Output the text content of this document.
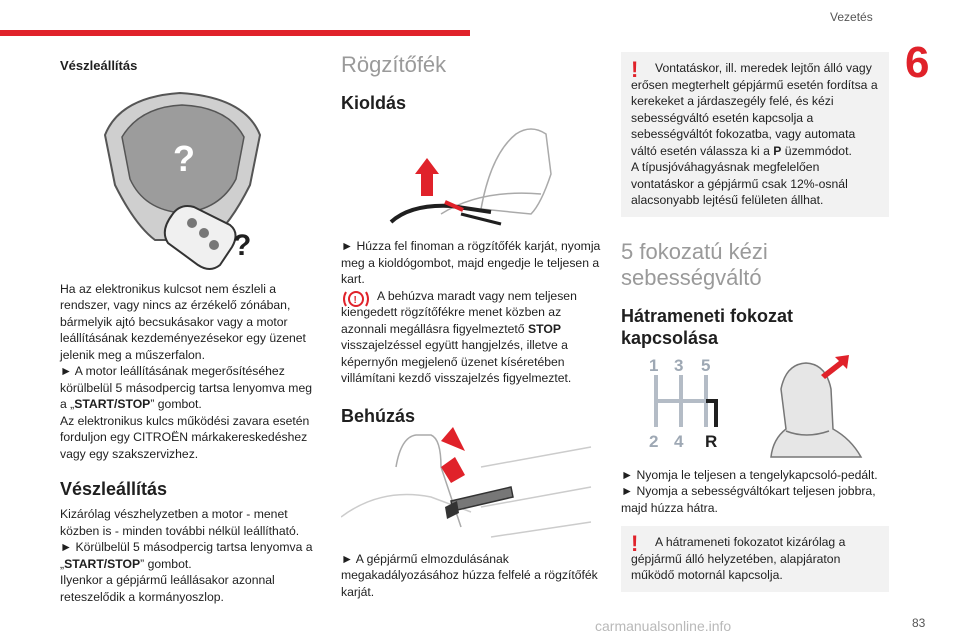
Vezetés
6
Vészleállítás
?
?

Ha az elektronikus kulcsot nem észleli a rendszer, vagy nincs az érzékelő zónában, bármelyik ajtó becsukásakor vagy a motor leállításának kezdeményezésekor egy üzenet jelenik meg a műszerfalon.

► A motor leállításának megerősítéséhez körülbelül 5 másodpercig tartsa lenyomva meg a „START/STOP” gombot.

Az elektronikus kulcs működési zavara esetén forduljon egy CITROËN márkakereskedéshez vagy egy szakszervizhez.

Vészleállítás

Kizárólag vészhelyzetben a motor - menet közben is - minden további nélkül leállítható.

► Körülbelül 5 másodpercig tartsa lenyomva a „START/STOP” gombot.

Ilyenkor a gépjármű leállásakor azonnal reteszelődik a kormányoszlop.

Rögzítőfék
Kioldás

► Húzza fel finoman a rögzítőfék karját, nyomja meg a kioldógombot, majd engedje le teljesen a kart.

!	A behúzva maradt vagy nem teljesen kiengedett rögzítőfékre menet közben az azonnali megállásra figyelmeztető STOP visszajelzéssel együtt hangjelzés, illetve a képernyőn megjelenő üzenet kíséretében villámítani kezdő visszajelzés figyelmeztet.

Behúzás

► A gépjármű elmozdulásának megakadályozásához húzza felfelé a rögzítőfék karját.

!	Vontatáskor, ill. meredek lejtőn álló vagy erősen megterhelt gépjármű esetén fordítsa a kerekeket a járdaszegély felé, és kézi sebességváltó esetén kapcsolja a sebességváltót fokozatba, vagy automata váltó esetén válassza ki a P üzemmódot.

A típusjóváhagyásnak megfelelően vontatáskor a gépjármű csak 12%-osnál alacsonyabb lejtésű felületen állhat.

5 fokozatú kézi sebességváltó
Hátrameneti fokozat kapcsolása
1 3 5
2 4 R

► Nyomja le teljesen a tengelykapcsoló-pedált.

► Nyomja a sebességváltókart teljesen jobbra, majd húzza hátra.

!	A hátrameneti fokozatot kizárólag a gépjármű álló helyzetében, alapjáraton működő motornál kapcsolja.

carmanualsonline.info	83
